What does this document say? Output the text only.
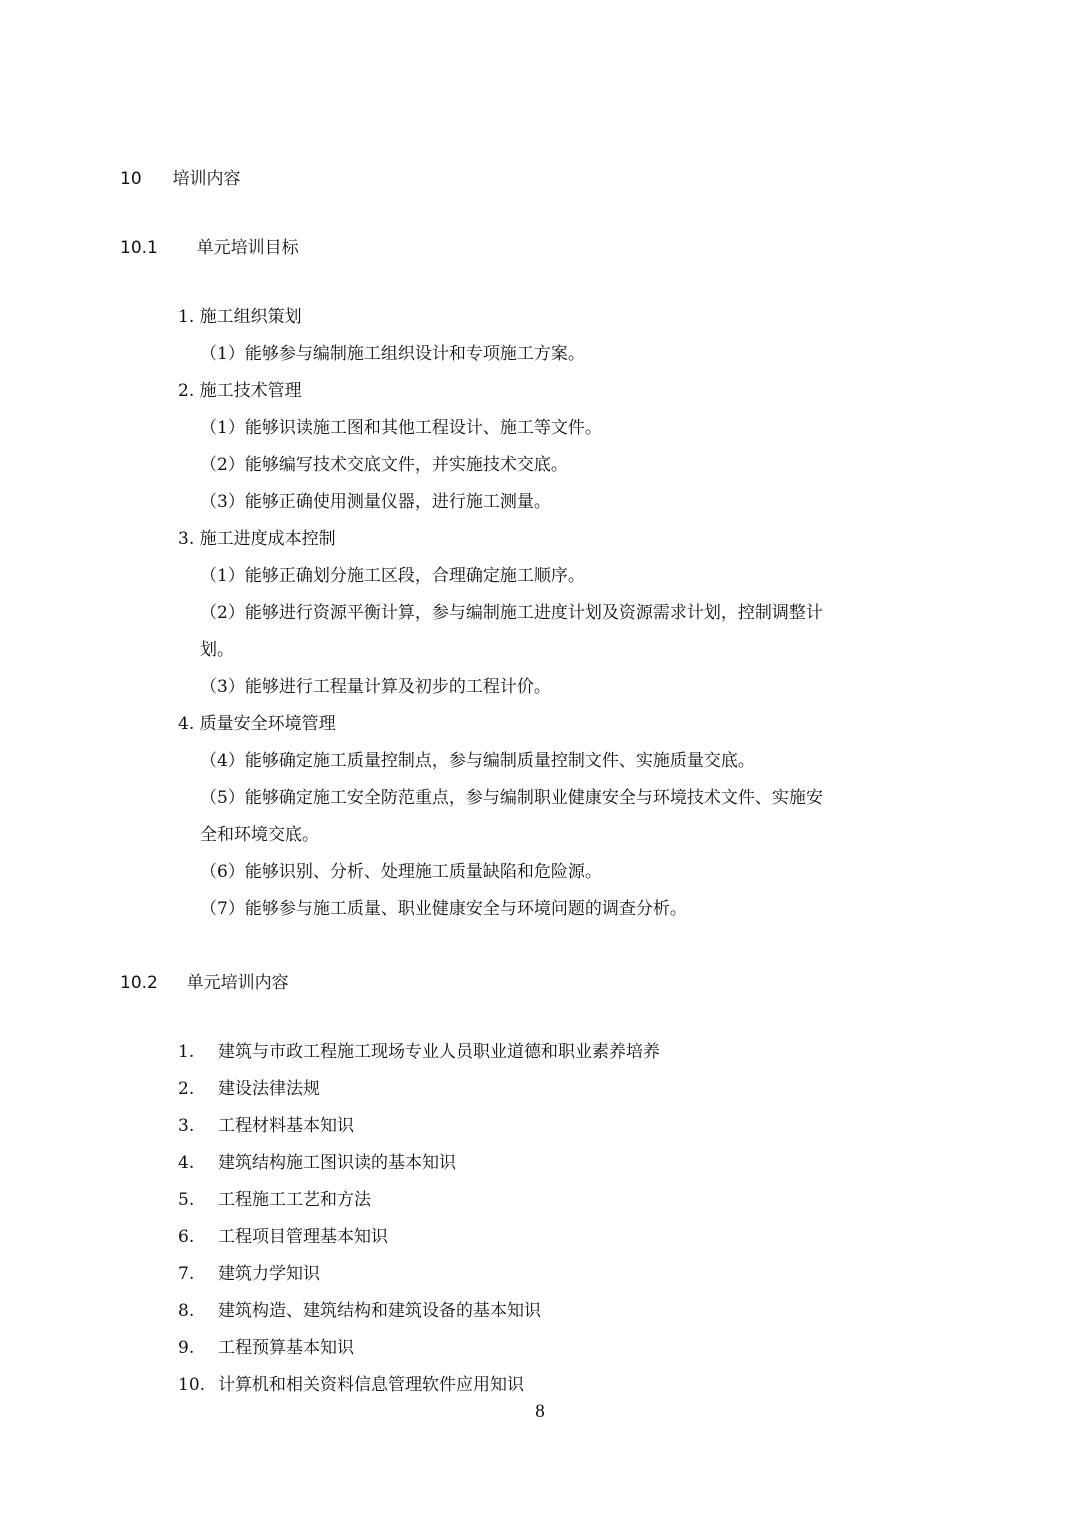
10 培训内容
10.1 单元培训目标
1. 施工组织策划
（1）能够参与编制施工组织设计和专项施工方案。
2. 施工技术管理
（1）能够识读施工图和其他工程设计、施工等文件。
（2）能够编写技术交底文件，并实施技术交底。
（3）能够正确使用测量仪器，进行施工测量。
3. 施工进度成本控制
（1）能够正确划分施工区段，合理确定施工顺序。
（2）能够进行资源平衡计算，参与编制施工进度计划及资源需求计划，控制调整计
划。
（3）能够进行工程量计算及初步的工程计价。
4. 质量安全环境管理
（4）能够确定施工质量控制点，参与编制质量控制文件、实施质量交底。
（5）能够确定施工安全防范重点，参与编制职业健康安全与环境技术文件、实施安
全和环境交底。
（6）能够识别、分析、处理施工质量缺陷和危险源。
（7）能够参与施工质量、职业健康安全与环境问题的调查分析。
10.2 单元培训内容
1. 建筑与市政工程施工现场专业人员职业道德和职业素养培养
2. 建设法律法规
3. 工程材料基本知识
4. 建筑结构施工图识读的基本知识
5. 工程施工工艺和方法
6. 工程项目管理基本知识
7. 建筑力学知识
8. 建筑构造、建筑结构和建筑设备的基本知识
9. 工程预算基本知识
10. 计算机和相关资料信息管理软件应用知识
8
